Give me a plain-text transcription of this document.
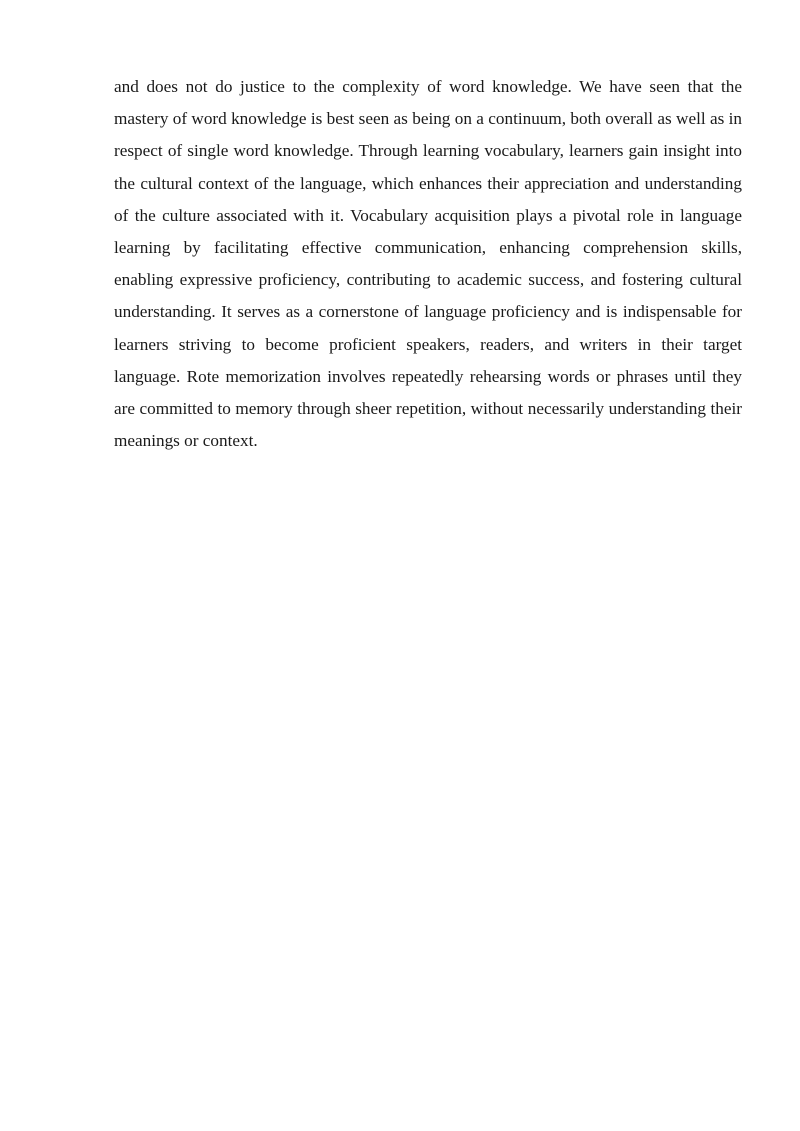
and does not do justice to the complexity of word knowledge. We have seen that the mastery of word knowledge is best seen as being on a continuum, both overall as well as in respect of single word knowledge. Through learning vocabulary, learners gain insight into the cultural context of the language, which enhances their appreciation and understanding of the culture associated with it. Vocabulary acquisition plays a pivotal role in language learning by facilitating effective communication, enhancing comprehension skills, enabling expressive proficiency, contributing to academic success, and fostering cultural understanding. It serves as a cornerstone of language proficiency and is indispensable for learners striving to become proficient speakers, readers, and writers in their target language. Rote memorization involves repeatedly rehearsing words or phrases until they are committed to memory through sheer repetition, without necessarily understanding their meanings or context.
